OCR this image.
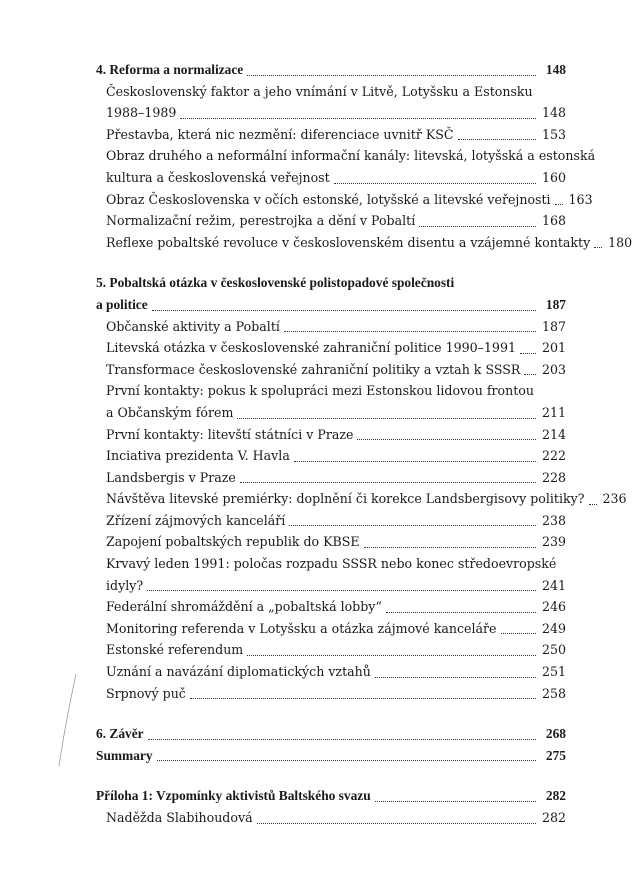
4. Reforma a normalizace	148
Československý faktor a jeho vnímání v Litvě, Lotyšsku a Estonsku
1988–1989	148
Přestavba, která nic nezmění: diferenciace uvnitř KSČ	153
Obraz druhého a neformální informační kanály: litevská, lotyšská a estonská
kultura a československá veřejnost	160
Obraz Československa v očích estonské, lotyšské a litevské veřejnosti 163
Normalizační režim, perestrojka a dění v Pobaltí	168
Reflexe pobaltské revoluce v československém disentu a vzájemné kontakty 180
5. Pobaltská otázka v československé polistopadové společnosti
a politice	187
Občanské aktivity a Pobaltí	187
Litevská otázka v československé zahraniční politice 1990–1991 201
Transformace československé zahraniční politiky a vztah k SSSR 203
První kontakty: pokus k spolupráci mezi Estonskou lidovou frontou
a Občanským fórem	211
První kontakty: litevští státníci v Praze	214
Inciativa prezidenta V. Havla	222
Landsbergis v Praze	228
Návštěva litevské premiérky: doplnění či korekce Landsbergisovy politiky? 236
Zřízení zájmových kanceláří	238
Zapojení pobaltských republik do KBSE	239
Krvavý leden 1991: poločas rozpadu SSSR nebo konec středoevropské
idyly?	241
Federální shromáždění a „pobaltská lobby“	246
Monitoring referenda v Lotyšsku a otázka zájmové kanceláře	249
Estonské referendum	250
Uznání a navázání diplomatických vztahů	251
Srpnový puč	258
6. Závěr	268
Summary	275
Příloha 1: Vzpomínky aktivistů Baltského svazu	282
Naděžda Slabihoudová	282
